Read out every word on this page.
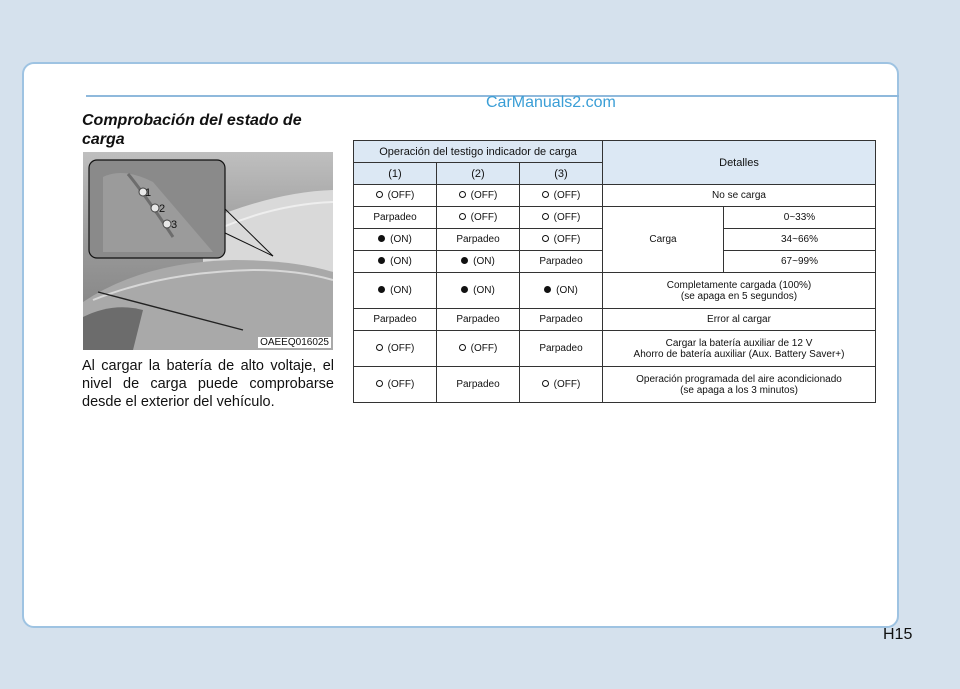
CarManuals2.com
Comprobación del estado de carga
1
2
3
OAEEQ016025
Al cargar la batería de alto voltaje, el nivel de carga puede comprobarse desde el exterior del vehículo.
Operación del testigo indicador de carga			Detalles	
(1)	(2)	(3)		
(OFF)	(OFF)	(OFF)	No se carga	
Parpadeo	(OFF)	(OFF)	Carga	0~33%
(ON)	Parpadeo	(OFF)		34~66%
(ON)	(ON)	Parpadeo		67~99%
(ON)	(ON)	(ON)	Completamente cargada (100%)
(se apaga en 5 segundos)	

Parpadeo	Parpadeo	Parpadeo	Error al cargar	
(OFF)	(OFF)	Parpadeo	Cargar la batería auxiliar de 12 V
Ahorro de batería auxiliar (Aux. Battery Saver+)	

(OFF)	Parpadeo	(OFF)	Operación programada del aire acondicionado
(se apaga a los 3 minutos)	
H15
